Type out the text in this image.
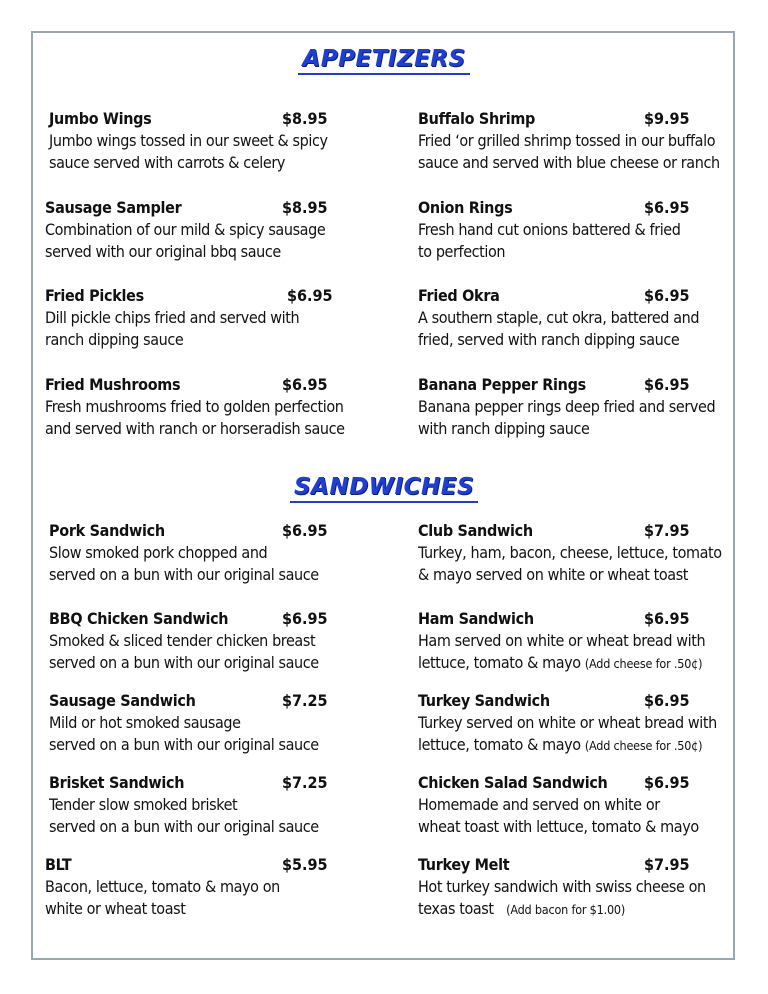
APPETIZERS
Jumbo Wings	$8.95
Jumbo wings tossed in our sweet & spicy
sauce served with carrots & celery
Buffalo Shrimp	$9.95
Fried ‘or grilled shrimp tossed in our buffalo
sauce and served with blue cheese or ranch
Sausage Sampler	$8.95
Combination of our mild & spicy sausage
served with our original bbq sauce
Onion Rings	$6.95
Fresh hand cut onions battered & fried
to perfection
Fried Pickles	$6.95
Dill pickle chips fried and served with
ranch dipping sauce
Fried Okra	$6.95
A southern staple, cut okra, battered and
fried, served with ranch dipping sauce
Fried Mushrooms	$6.95
Fresh mushrooms fried to golden perfection
and served with ranch or horseradish sauce
Banana Pepper Rings	$6.95
Banana pepper rings deep fried and served
with ranch dipping sauce
SANDWICHES
Pork Sandwich	$6.95
Slow smoked pork chopped and
served on a bun with our original sauce
Club Sandwich	$7.95
Turkey, ham, bacon, cheese, lettuce, tomato
& mayo served on white or wheat toast
BBQ Chicken Sandwich	$6.95
Smoked & sliced tender chicken breast
served on a bun with our original sauce
Ham Sandwich	$6.95
Ham served on white or wheat bread with
lettuce, tomato & mayo (Add cheese for .50¢)
Sausage Sandwich	$7.25
Mild or hot smoked sausage
served on a bun with our original sauce
Turkey Sandwich	$6.95
Turkey served on white or wheat bread with
lettuce, tomato & mayo (Add cheese for .50¢)
Brisket Sandwich	$7.25
Tender slow smoked brisket
served on a bun with our original sauce
Chicken Salad Sandwich $6.95
Homemade and served on white or
wheat toast with lettuce, tomato & mayo
BLT	$5.95
Bacon, lettuce, tomato & mayo on
white or wheat toast
Turkey Melt	$7.95
Hot turkey sandwich with swiss cheese on
texas toast (Add bacon for $1.00)
